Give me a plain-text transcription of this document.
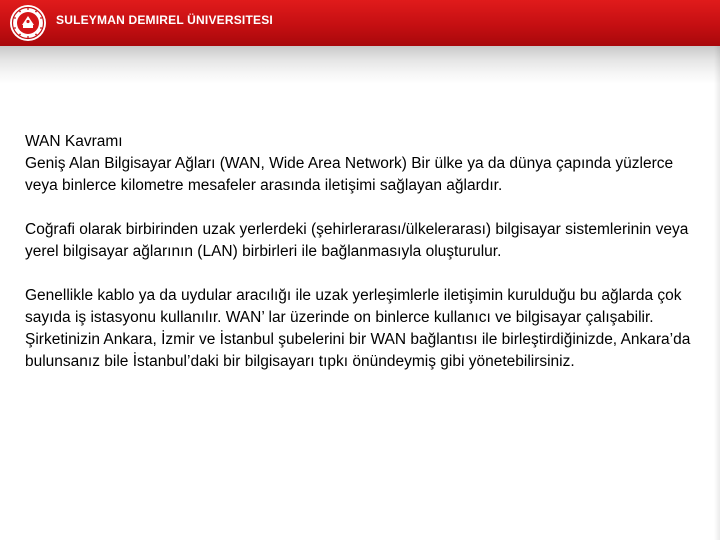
SULEYMAN DEMIREL ÜNIVERSITESI

WAN Kavramı
Geniş Alan Bilgisayar Ağları (WAN, Wide Area Network) Bir ülke ya da dünya çapında yüzlerce veya binlerce kilometre mesafeler arasında iletişimi sağlayan ağlardır.

Coğrafi olarak birbirinden uzak yerlerdeki (şehirlerarası/ülkelerarası) bilgisayar sistemlerinin veya yerel bilgisayar ağlarının (LAN) birbirleri ile bağlanmasıyla oluşturulur.

Genellikle kablo ya da uydular aracılığı ile uzak yerleşimlerle iletişimin kurulduğu bu ağlarda çok sayıda iş istasyonu kullanılır. WAN’ lar üzerinde on binlerce kullanıcı ve bilgisayar çalışabilir. Şirketinizin Ankara, İzmir ve İstanbul şubelerini bir WAN bağlantısı ile birleştirdiğinizde, Ankara’da bulunsanız bile İstanbul’daki bir bilgisayarı tıpkı önündeymiş gibi yönetebilirsiniz.
